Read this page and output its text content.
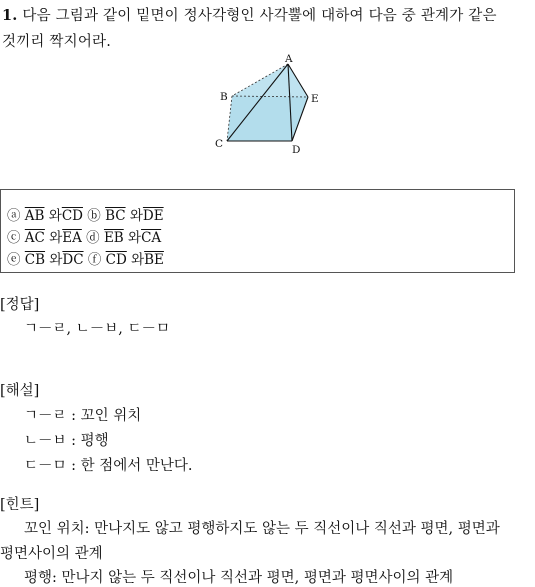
1. 다음 그림과 같이 밑면이 정사각형인 사각뿔에 대하여 다음 중 관계가 같은
것끼리 짝지어라.
A
B	E
C	D
ⓐ $\overline{AB}$ 와$\overline{CD}$ ⓑ $\overline{BC}$ 와$\overline{DE}$
ⓒ $\overline{AC}$ 와$\overline{EA}$ ⓓ $\overline{EB}$ 와$\overline{CA}$
ⓔ $\overline{CB}$ 와$\overline{DC}$ ⓕ $\overline{CD}$ 와$\overline{BE}$
[정답]
ㄱ－ㄹ, ㄴ－ㅂ, ㄷ－ㅁ
[해설]
ㄱ－ㄹ : 꼬인 위치
ㄴ－ㅂ : 평행
ㄷ－ㅁ : 한 점에서 만난다.
[힌트]
꼬인 위치: 만나지도 않고 평행하지도 않는 두 직선이나 직선과 평면, 평면과
평면사이의 관계
평행: 만나지 않는 두 직선이나 직선과 평면, 평면과 평면사이의 관계
